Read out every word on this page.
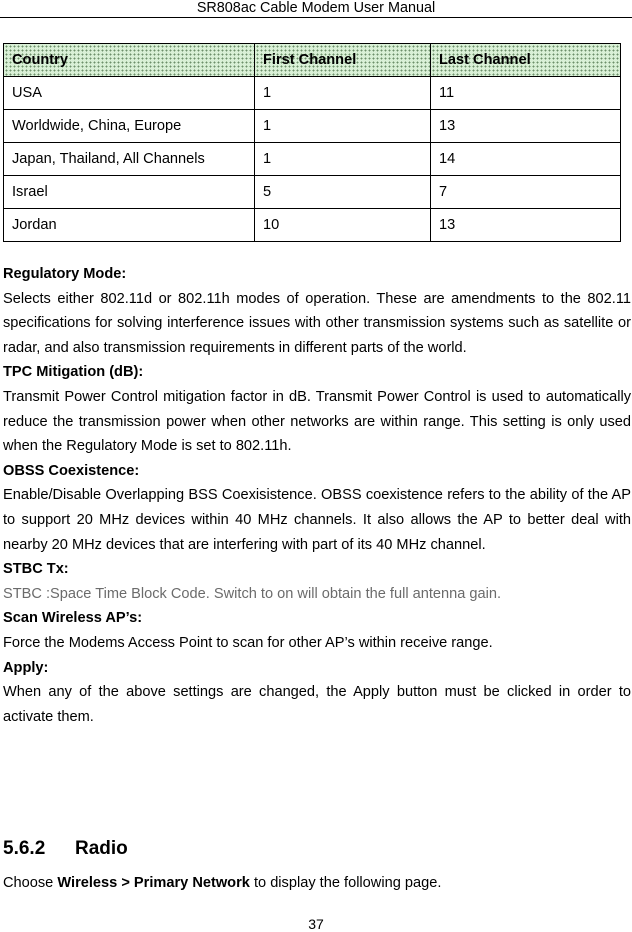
SR808ac Cable Modem User Manual
Country	First Channel	Last Channel
USA	1	11
Worldwide, China, Europe	1	13
Japan, Thailand, All Channels	1	14
Israel	5	7
Jordan	10	13

Regulatory Mode:

Selects either 802.11d or 802.11h modes of operation. These are amendments to the 802.11 specifications for solving interference issues with other transmission systems such as satellite or radar, and also transmission requirements in different parts of the world.

TPC Mitigation (dB):

Transmit Power Control mitigation factor in dB. Transmit Power Control is used to automatically reduce the transmission power when other networks are within range. This setting is only used when the Regulatory Mode is set to 802.11h.

OBSS Coexistence:

Enable/Disable Overlapping BSS Coexisistence. OBSS coexistence refers to the ability of the AP to support 20 MHz devices within 40 MHz channels. It also allows the AP to better deal with nearby 20 MHz devices that are interfering with part of its 40 MHz channel.

STBC Tx:

STBC :Space Time Block Code. Switch to on will obtain the full antenna gain.

Scan Wireless AP’s:

Force the Modems Access Point to scan for other AP’s within receive range.

Apply:

When any of the above settings are changed, the Apply button must be clicked in order to activate them.

5.6.2 Radio
Choose Wireless > Primary Network to display the following page.
37
